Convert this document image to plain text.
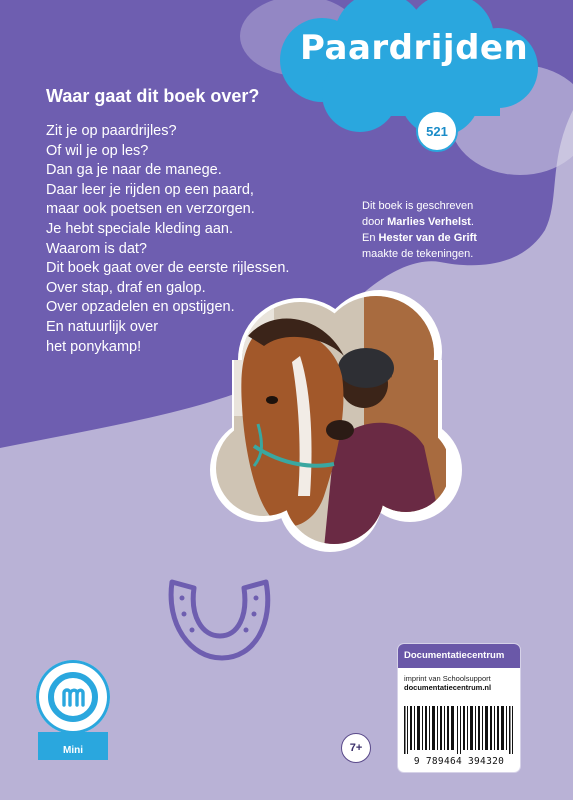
Paardrijden
521
Waar gaat dit boek over?
Zit je op paardrijles?
Of wil je op les?
Dan ga je naar de manege.
Daar leer je rijden op een paard,
maar ook poetsen en verzorgen.
Je hebt speciale kleding aan.
Waarom is dat?
Dit boek gaat over de eerste rijlessen.
Over stap, draf en galop.
Over opzadelen en opstijgen.
En natuurlijk over
het ponykamp!
Dit boek is geschreven
door Marlies Verhelst.
En Hester van de Grift
maakte de tekeningen.
Mini	7+
Documentatiecentrum
imprint van Schoolsupport
documentatiecentrum.nl
9 789464 394320
